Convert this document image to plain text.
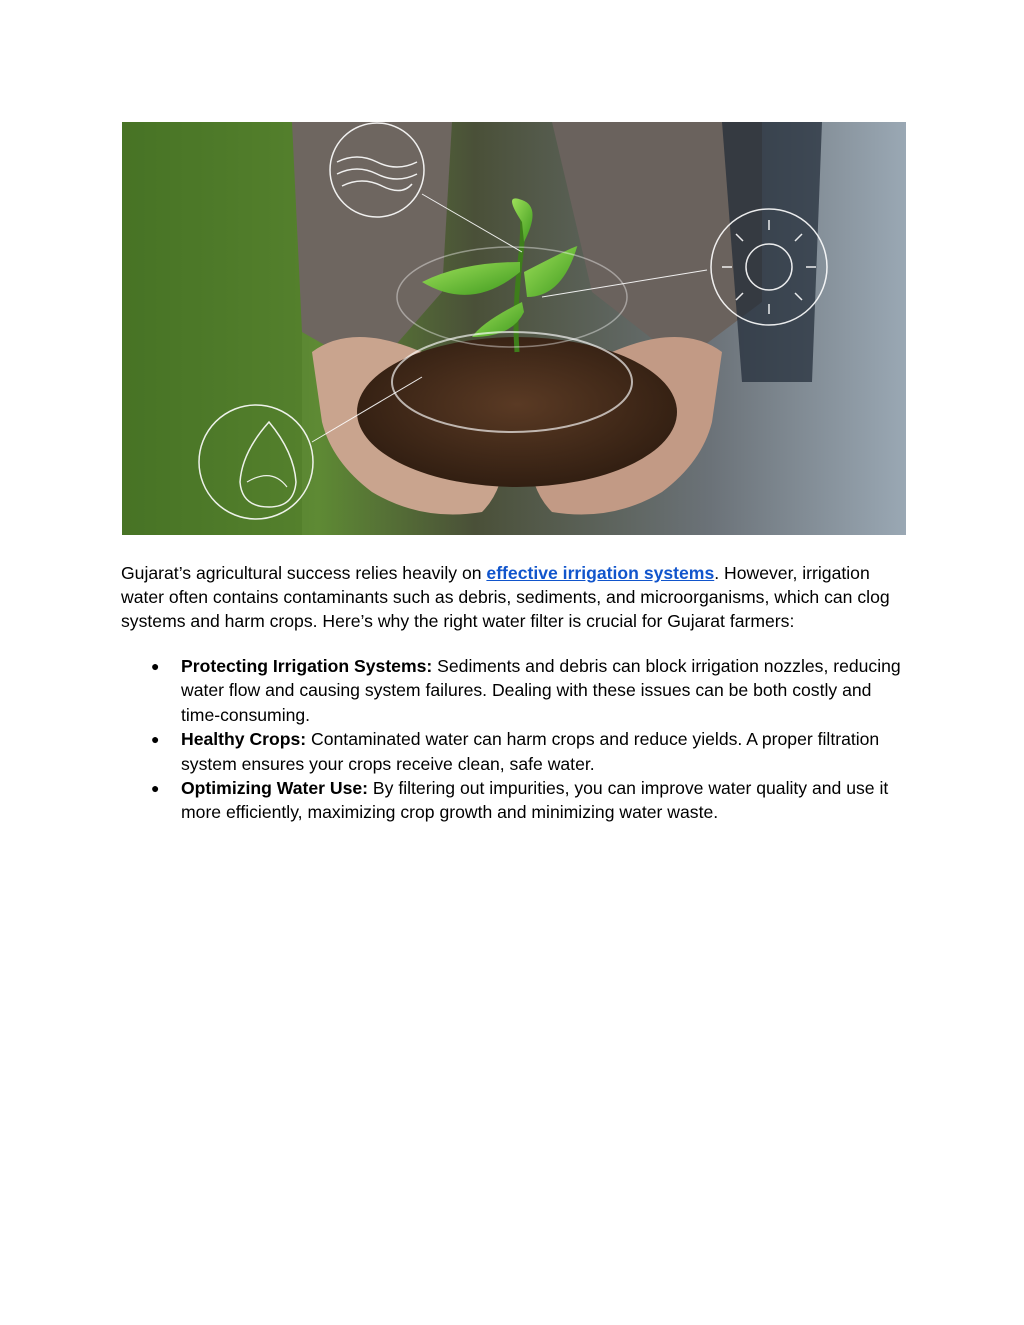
Gujarat’s agricultural success relies heavily on effective irrigation systems. However, irrigation water often contains contaminants such as debris, sediments, and microorganisms, which can clog systems and harm crops. Here’s why the right water filter is crucial for Gujarat farmers:

● Protecting Irrigation Systems: Sediments and debris can block irrigation nozzles, reducing water flow and causing system failures. Dealing with these issues can be both costly and time-consuming.
● Healthy Crops: Contaminated water can harm crops and reduce yields. A proper filtration system ensures your crops receive clean, safe water.
● Optimizing Water Use: By filtering out impurities, you can improve water quality and use it more efficiently, maximizing crop growth and minimizing water waste.
